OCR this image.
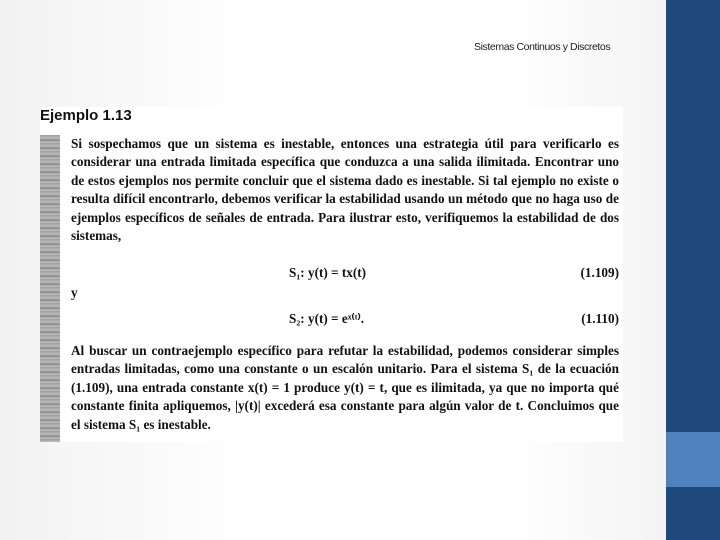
Sistemas Continuos y Discretos
Ejemplo 1.13

Si sospechamos que un sistema es inestable, entonces una estrategia útil para verificarlo es considerar una entrada limitada específica que conduzca a una salida ilimitada. Encontrar uno de estos ejemplos nos permite concluir que el sistema dado es inestable. Si tal ejemplo no existe o resulta difícil encontrarlo, debemos verificar la estabilidad usando un método que no haga uso de ejemplos específicos de señales de entrada. Para ilustrar esto, verifiquemos la estabilidad de dos sistemas,

S₁: y(t) = tx(t)	(1.109)
y
S₂: y(t) = eˣ⁽ᵗ⁾.	(1.110)

Al buscar un contraejemplo específico para refutar la estabilidad, podemos considerar simples entradas limitadas, como una constante o un escalón unitario. Para el sistema S₁ de la ecuación (1.109), una entrada constante x(t) = 1 produce y(t) = t, que es ilimitada, ya que no importa qué constante finita apliquemos, |y(t)| excederá esa constante para algún valor de t. Concluimos que el sistema S₁ es inestable.
